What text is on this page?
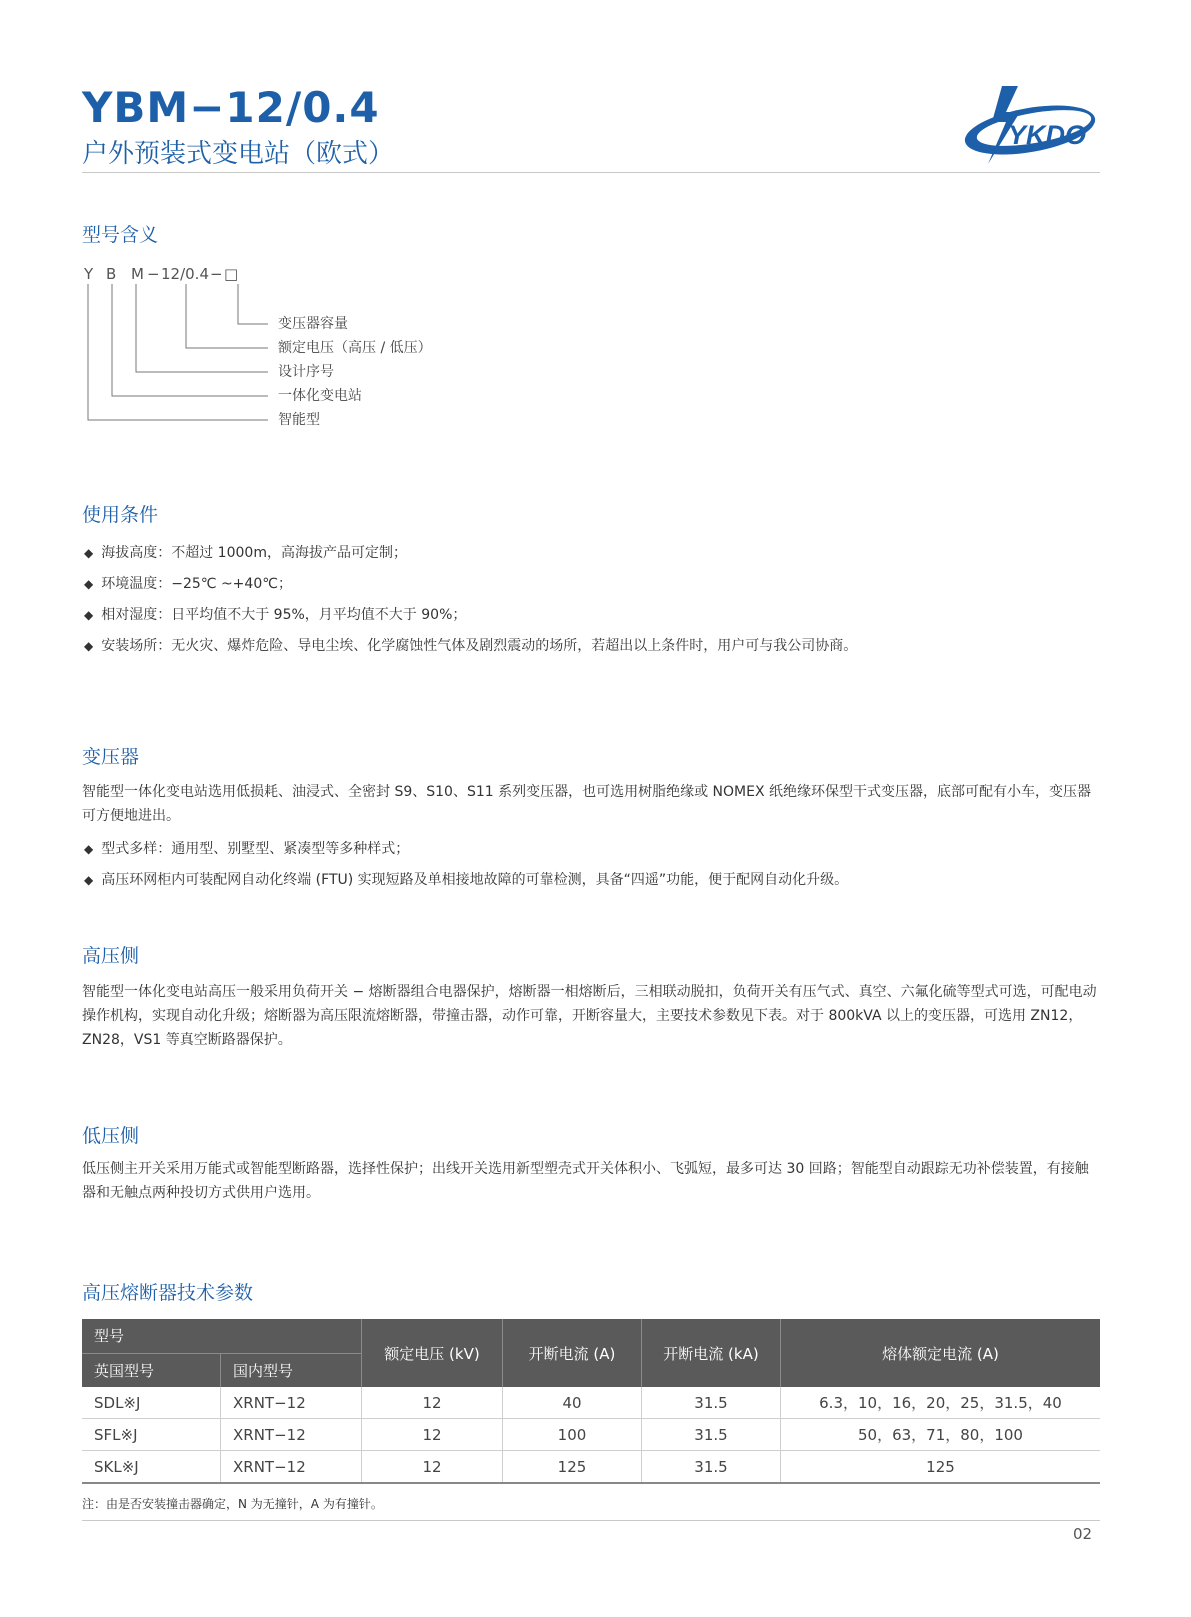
YBM−12/0.4
户外预装式变电站（欧式）
YKDO
型号含义
Y B M −12/0.4−□
变压器容量
额定电压（高压 / 低压）
设计序号
一体化变电站
智能型
使用条件
◆ 海拔高度：不超过 1000m，高海拔产品可定制；
◆ 环境温度：−25℃ ~+40℃；
◆ 相对湿度：日平均值不大于 95%，月平均值不大于 90%；
◆ 安装场所：无火灾、爆炸危险、导电尘埃、化学腐蚀性气体及剧烈震动的场所，若超出以上条件时，用户可与我公司协商。
变压器
智能型一体化变电站选用低损耗、油浸式、全密封 S9、S10、S11 系列变压器，也可选用树脂绝缘或 NOMEX 纸绝缘环保型干式变压器，底部可配有小车，变压器可方便地进出。
◆ 型式多样：通用型、别墅型、紧凑型等多种样式；
◆ 高压环网柜内可装配网自动化终端 (FTU) 实现短路及单相接地故障的可靠检测，具备“四遥”功能，便于配网自动化升级。
高压侧
智能型一体化变电站高压一般采用负荷开关 − 熔断器组合电器保护，熔断器一相熔断后，三相联动脱扣，负荷开关有压气式、真空、六氟化硫等型式可选，可配电动操作机构，实现自动化升级；熔断器为高压限流熔断器，带撞击器，动作可靠，开断容量大，主要技术参数见下表。对于 800kVA 以上的变压器，可选用 ZN12， ZN28，VS1 等真空断路器保护。
低压侧
低压侧主开关采用万能式或智能型断路器，选择性保护；出线开关选用新型塑壳式开关体积小、飞弧短，最多可达 30 回路；智能型自动跟踪无功补偿装置，有接触器和无触点两种投切方式供用户选用。
高压熔断器技术参数
型号		额定电压 (kV)	开断电流 (A)	开断电流 (kA)	熔体额定电流 (A)
英国型号	国内型号				
SDL※J	XRNT−12	12	40	31.5	6.3，10，16，20，25，31.5，40
SFL※J	XRNT−12	12	100	31.5	50，63，71，80，100
SKL※J	XRNT−12	12	125	31.5	125
注：由是否安装撞击器确定，N 为无撞针，A 为有撞针。
02
